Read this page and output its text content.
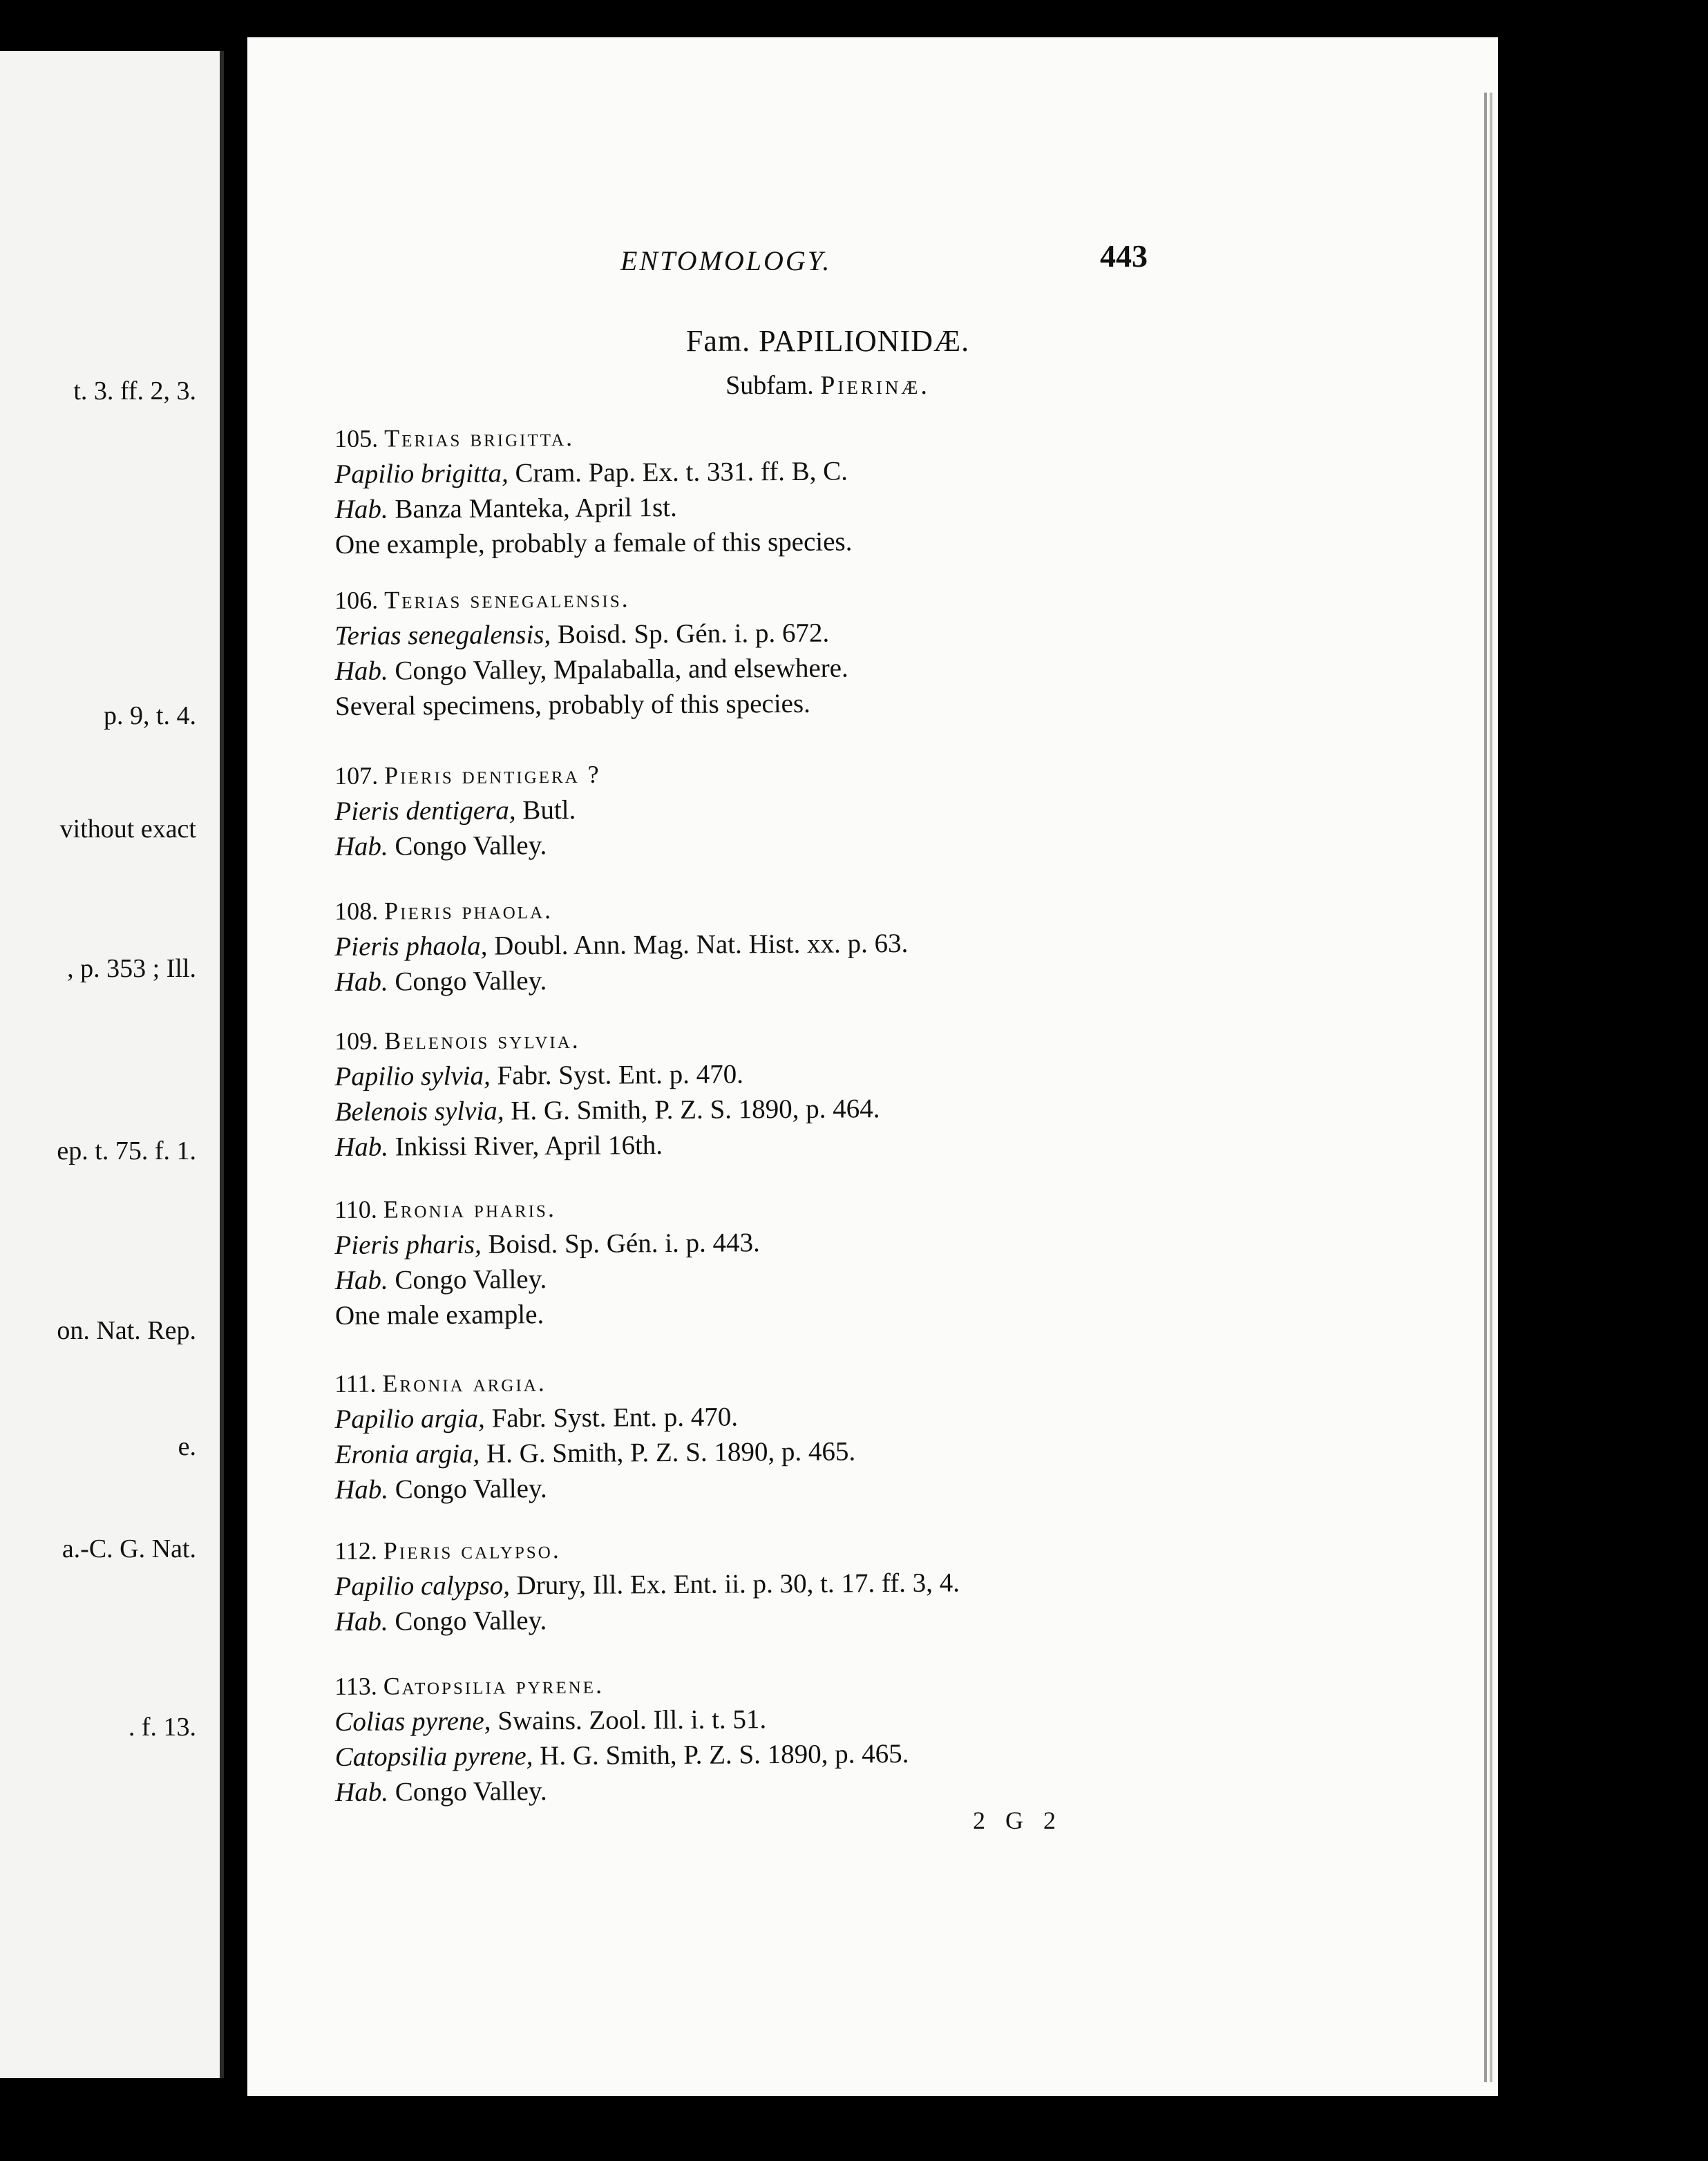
t. 3. ff. 2, 3.
p. 9, t. 4.
vithout exact
, p. 353 ; Ill.
ep. t. 75. f. 1.
on. Nat. Rep.
e.
a.-C. G. Nat.
. f. 13.
ENTOMOLOGY.	443
Fam. PAPILIONIDÆ.
Subfam. Pierinæ.
105. Terias brigitta.
Papilio brigitta, Cram. Pap. Ex. t. 331. ff. B, C.
Hab. Banza Manteka, April 1st.
One example, probably a female of this species.
106. Terias senegalensis.
Terias senegalensis, Boisd. Sp. Gén. i. p. 672.
Hab. Congo Valley, Mpalaballa, and elsewhere.
Several specimens, probably of this species.
107. Pieris dentigera ?
Pieris dentigera, Butl.
Hab. Congo Valley.
108. Pieris phaola.
Pieris phaola, Doubl. Ann. Mag. Nat. Hist. xx. p. 63.
Hab. Congo Valley.
109. Belenois sylvia.
Papilio sylvia, Fabr. Syst. Ent. p. 470.
Belenois sylvia, H. G. Smith, P. Z. S. 1890, p. 464.
Hab. Inkissi River, April 16th.
110. Eronia pharis.
Pieris pharis, Boisd. Sp. Gén. i. p. 443.
Hab. Congo Valley.
One male example.
111. Eronia argia.
Papilio argia, Fabr. Syst. Ent. p. 470.
Eronia argia, H. G. Smith, P. Z. S. 1890, p. 465.
Hab. Congo Valley.
112. Pieris calypso.
Papilio calypso, Drury, Ill. Ex. Ent. ii. p. 30, t. 17. ff. 3, 4.
Hab. Congo Valley.
113. Catopsilia pyrene.
Colias pyrene, Swains. Zool. Ill. i. t. 51.
Catopsilia pyrene, H. G. Smith, P. Z. S. 1890, p. 465.
Hab. Congo Valley.
2 G 2
